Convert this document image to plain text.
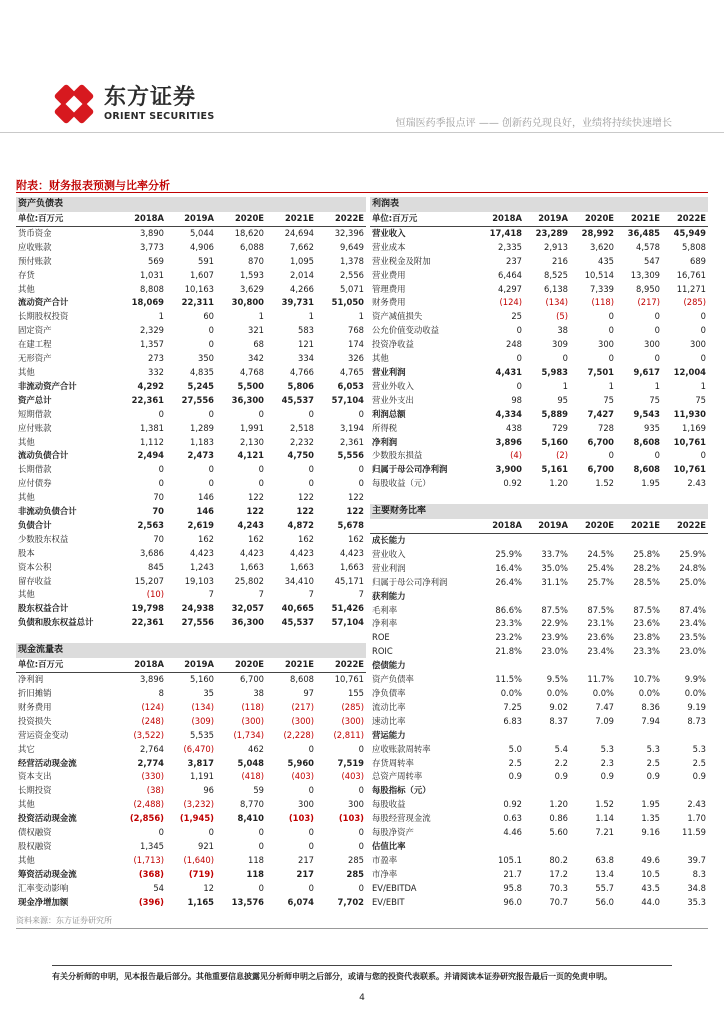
东方证券
ORIENT SECURITIES
恒瑞医药季报点评 —— 创新药兑现良好，业绩将持续快速增长
附表：财务报表预测与比率分析
资产负债表
单位:百万元	2018A	2019A	2020E	2021E	2022E
货币资金	3,890	5,044	18,620	24,694	32,396
应收账款	3,773	4,906	6,088	7,662	9,649
预付账款	569	591	870	1,095	1,378
存货	1,031	1,607	1,593	2,014	2,556
其他	8,808	10,163	3,629	4,266	5,071
流动资产合计	18,069	22,311	30,800	39,731	51,050
长期股权投资	1	60	1	1	1
固定资产	2,329	0	321	583	768
在建工程	1,357	0	68	121	174
无形资产	273	350	342	334	326
其他	332	4,835	4,768	4,766	4,765
非流动资产合计	4,292	5,245	5,500	5,806	6,053
资产总计	22,361	27,556	36,300	45,537	57,104
短期借款	0	0	0	0	0
应付账款	1,381	1,289	1,991	2,518	3,194
其他	1,112	1,183	2,130	2,232	2,361
流动负债合计	2,494	2,473	4,121	4,750	5,556
长期借款	0	0	0	0	0
应付债券	0	0	0	0	0
其他	70	146	122	122	122
非流动负债合计	70	146	122	122	122
负债合计	2,563	2,619	4,243	4,872	5,678
少数股东权益	70	162	162	162	162
股本	3,686	4,423	4,423	4,423	4,423
资本公积	845	1,243	1,663	1,663	1,663
留存收益	15,207	19,103	25,802	34,410	45,171
其他	(10)	7	7	7	7
股东权益合计	19,798	24,938	32,057	40,665	51,426
负债和股东权益总计	22,361	27,556	36,300	45,537	57,104
现金流量表
单位:百万元	2018A	2019A	2020E	2021E	2022E
净利润	3,896	5,160	6,700	8,608	10,761
折旧摊销	8	35	38	97	155
财务费用	(124)	(134)	(118)	(217)	(285)
投资损失	(248)	(309)	(300)	(300)	(300)
营运资金变动	(3,522)	5,535	(1,734)	(2,228)	(2,811)
其它	2,764	(6,470)	462	0	0
经营活动现金流	2,774	3,817	5,048	5,960	7,519
资本支出	(330)	1,191	(418)	(403)	(403)
长期投资	(38)	96	59	0	0
其他	(2,488)	(3,232)	8,770	300	300
投资活动现金流	(2,856)	(1,945)	8,410	(103)	(103)
债权融资	0	0	0	0	0
股权融资	1,345	921	0	0	0
其他	(1,713)	(1,640)	118	217	285
筹资活动现金流	(368)	(719)	118	217	285
汇率变动影响	54	12	0	0	0
现金净增加额	(396)	1,165	13,576	6,074	7,702
利润表
单位:百万元	2018A	2019A	2020E	2021E	2022E
营业收入	17,418	23,289	28,992	36,485	45,949
营业成本	2,335	2,913	3,620	4,578	5,808
营业税金及附加	237	216	435	547	689
营业费用	6,464	8,525	10,514	13,309	16,761
管理费用	4,297	6,138	7,339	8,950	11,271
财务费用	(124)	(134)	(118)	(217)	(285)
资产减值损失	25	(5)	0	0	0
公允价值变动收益	0	38	0	0	0
投资净收益	248	309	300	300	300
其他	0	0	0	0	0
营业利润	4,431	5,983	7,501	9,617	12,004
营业外收入	0	1	1	1	1
营业外支出	98	95	75	75	75
利润总额	4,334	5,889	7,427	9,543	11,930
所得税	438	729	728	935	1,169
净利润	3,896	5,160	6,700	8,608	10,761
少数股东损益	(4)	(2)	0	0	0
归属于母公司净利润	3,900	5,161	6,700	8,608	10,761
每股收益（元）	0.92	1.20	1.52	1.95	2.43
主要财务比率
	2018A	2019A	2020E	2021E	2022E
成长能力					
营业收入	25.9%	33.7%	24.5%	25.8%	25.9%
营业利润	16.4%	35.0%	25.4%	28.2%	24.8%
归属于母公司净利润	26.4%	31.1%	25.7%	28.5%	25.0%
获利能力					
毛利率	86.6%	87.5%	87.5%	87.5%	87.4%
净利率	23.3%	22.9%	23.1%	23.6%	23.4%
ROE	23.2%	23.9%	23.6%	23.8%	23.5%
ROIC	21.8%	23.0%	23.4%	23.3%	23.0%
偿债能力					
资产负债率	11.5%	9.5%	11.7%	10.7%	9.9%
净负债率	0.0%	0.0%	0.0%	0.0%	0.0%
流动比率	7.25	9.02	7.47	8.36	9.19
速动比率	6.83	8.37	7.09	7.94	8.73
营运能力					
应收账款周转率	5.0	5.4	5.3	5.3	5.3
存货周转率	2.5	2.2	2.3	2.5	2.5
总资产周转率	0.9	0.9	0.9	0.9	0.9
每股指标（元）					
每股收益	0.92	1.20	1.52	1.95	2.43
每股经营现金流	0.63	0.86	1.14	1.35	1.70
每股净资产	4.46	5.60	7.21	9.16	11.59
估值比率					
市盈率	105.1	80.2	63.8	49.6	39.7
市净率	21.7	17.2	13.4	10.5	8.3
EV/EBITDA	95.8	70.3	55.7	43.5	34.8
EV/EBIT	96.0	70.7	56.0	44.0	35.3
资料来源：东方证券研究所
有关分析师的申明，见本报告最后部分。其他重要信息披露见分析师申明之后部分，或请与您的投资代表联系。并请阅读本证券研究报告最后一页的免责申明。
4
